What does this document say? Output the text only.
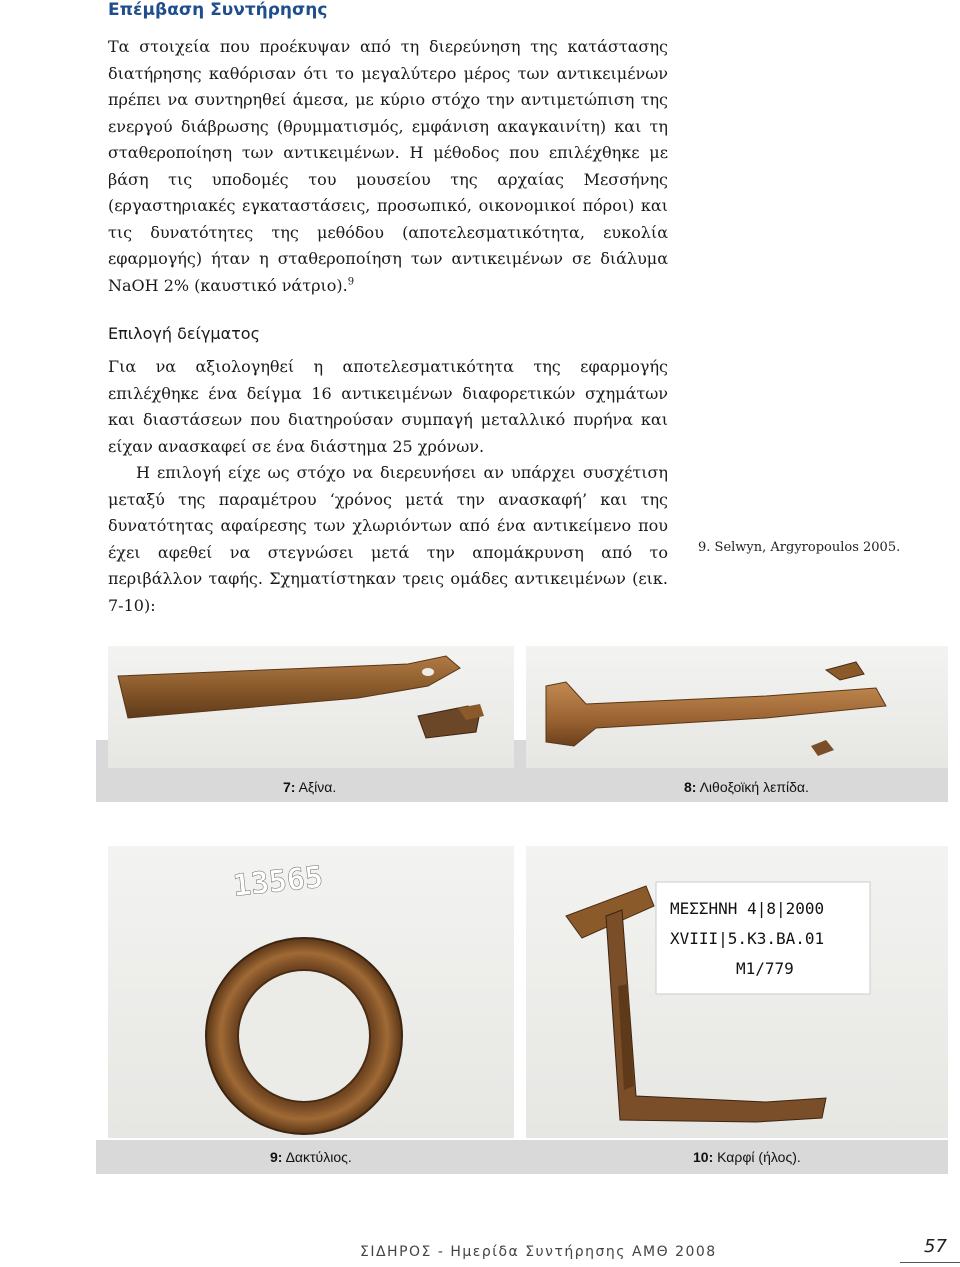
Επέμβαση Συντήρησης
Τα στοιχεία που προέκυψαν από τη διερεύνηση της κατάστασης διατήρησης καθόρισαν ότι το μεγαλύτερο μέρος των αντικειμένων πρέπει να συντηρηθεί άμεσα, με κύριο στόχο την αντιμετώπιση της ενεργού διάβρωσης (θρυμματισμός, εμφάνιση ακαγκαινίτη) και τη σταθεροποίηση των αντικειμένων. Η μέθοδος που επιλέχθηκε με βάση τις υποδομές του μουσείου της αρχαίας Μεσσήνης (εργαστηριακές εγκαταστάσεις, προσωπικό, οικονομικοί πόροι) και τις δυνατότητες της μεθόδου (αποτελεσματικότητα, ευκολία εφαρμογής) ήταν η σταθεροποίηση των αντικειμένων σε διάλυμα NaOH 2% (καυστικό νάτριο).$^9$
Επιλογή δείγματος
Για να αξιολογηθεί η αποτελεσματικότητα της εφαρμογής επιλέχθηκε ένα δείγμα 16 αντικειμένων διαφορετικών σχημάτων και διαστάσεων που διατηρούσαν συμπαγή μεταλλικό πυρήνα και είχαν ανασκαφεί σε ένα διάστημα 25 χρόνων.
Η επιλογή είχε ως στόχο να διερευνήσει αν υπάρχει συσχέτιση μεταξύ της παραμέτρου ‘χρόνος μετά την ανασκαφή’ και της δυνατότητας αφαίρεσης των χλωριόντων από ένα αντικείμενο που έχει αφεθεί να στεγνώσει μετά την απομάκρυνση από το περιβάλλον ταφής. Σχηματίστηκαν τρεις ομάδες αντικειμένων (εικ. 7-10):
9. Selwyn, Argyropoulos 2005.
7: Αξίνα.	8: Λιθοξοϊκή λεπίδα.
13565
ΜΕΣΣΗΝΗ 4|8|2000
XVIII|5.Κ3.ΒΑ.01
Μ1/779
9: Δακτύλιος.	10: Καρφί (ήλος).
ΣΙΔΗΡΟΣ - Ημερίδα Συντήρησης ΑΜΘ 2008	57
